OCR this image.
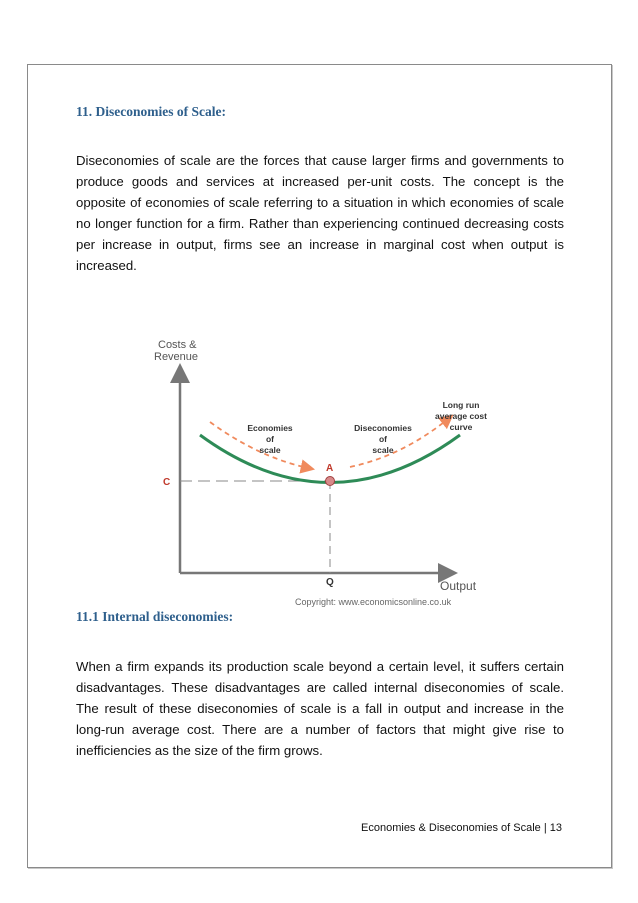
11. Diseconomies of Scale:

Diseconomies of scale are the forces that cause larger firms and governments to produce goods and services at increased per-unit costs. The concept is the opposite of economies of scale referring to a situation in which economies of scale no longer function for a firm. Rather than experiencing continued decreasing costs per increase in output, firms see an increase in marginal cost when output is increased.

Costs &
Revenue
Output
A
C
Q
Economies
of
scale
Diseconomies
of
scale
Long run
average cost
curve
Copyright: www.economicsonline.co.uk
11.1 Internal diseconomies:

When a firm expands its production scale beyond a certain level, it suffers certain disadvantages. These disadvantages are called internal diseconomies of scale. The result of these diseconomies of scale is a fall in output and increase in the long-run average cost. There are a number of factors that might give rise to inefficiencies as the size of the firm grows.

Economies & Diseconomies of Scale | 13
